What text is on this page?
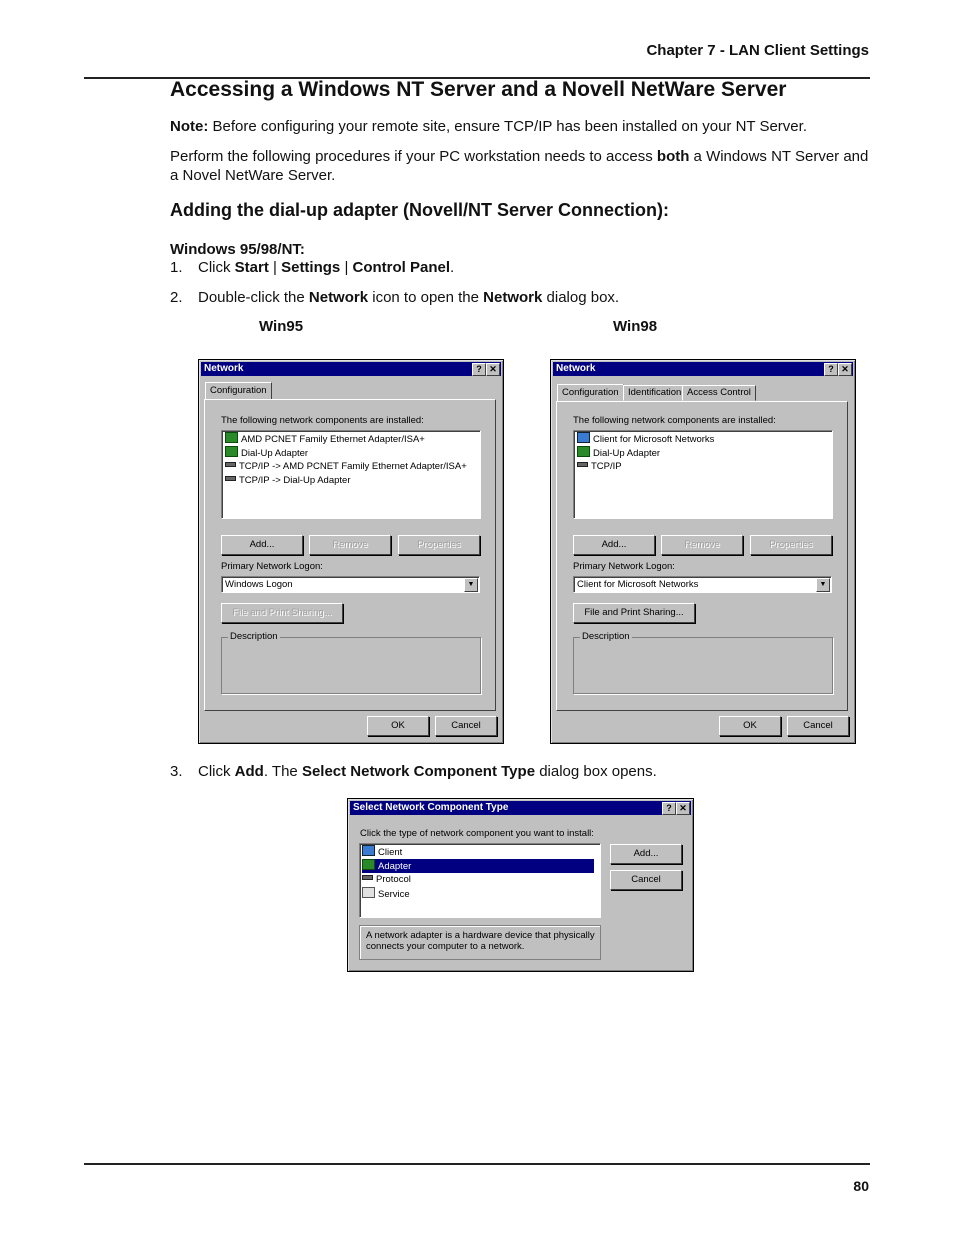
Chapter 7 - LAN Client Settings
Accessing a Windows NT Server and a Novell NetWare Server
Note: Before configuring your remote site, ensure TCP/IP has been installed on your NT Server.
Perform the following procedures if your PC workstation needs to access both a Windows NT Server and a Novel NetWare Server.
Adding the dial-up adapter (Novell/NT Server Connection):
Windows 95/98/NT:
1. Click Start | Settings | Control Panel.
2. Double-click the Network icon to open the Network dialog box.
Win95	Win98
Network	? ✕
Configuration
The following network components are installed:
AMD PCNET Family Ethernet Adapter/ISA+
Dial-Up Adapter
TCP/IP -> AMD PCNET Family Ethernet Adapter/ISA+
TCP/IP -> Dial-Up Adapter
Add...	Remove	Properties
Primary Network Logon:
Windows Logon	▼
File and Print Sharing...
Description
OK	Cancel
Network	? ✕
Configuration Identification Access Control
The following network components are installed:
Client for Microsoft Networks
Dial-Up Adapter
TCP/IP
Add...	Remove	Properties
Primary Network Logon:
Client for Microsoft Networks	▼
File and Print Sharing...
Description
OK	Cancel
3. Click Add. The Select Network Component Type dialog box opens.
Select Network Component Type	? ✕
Click the type of network component you want to install:
Client
Adapter
Protocol
Service
Add...
Cancel
A network adapter is a hardware device that physically connects your computer to a network.
80
